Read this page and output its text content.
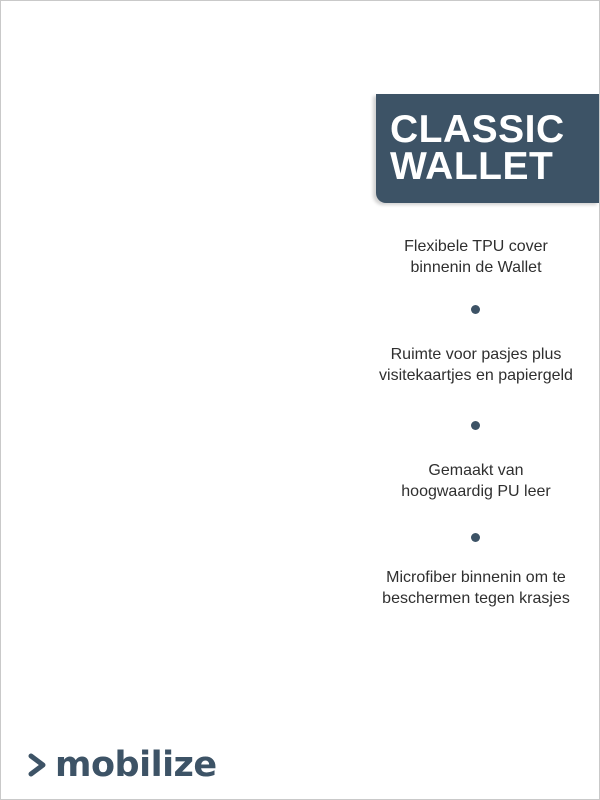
CLASSIC
WALLET
Flexibele TPU cover
binnenin de Wallet
Ruimte voor pasjes plus
visitekaartjes en papiergeld
Gemaakt van
hoogwaardig PU leer
Microfiber binnenin om te
beschermen tegen krasjes
mobilize
